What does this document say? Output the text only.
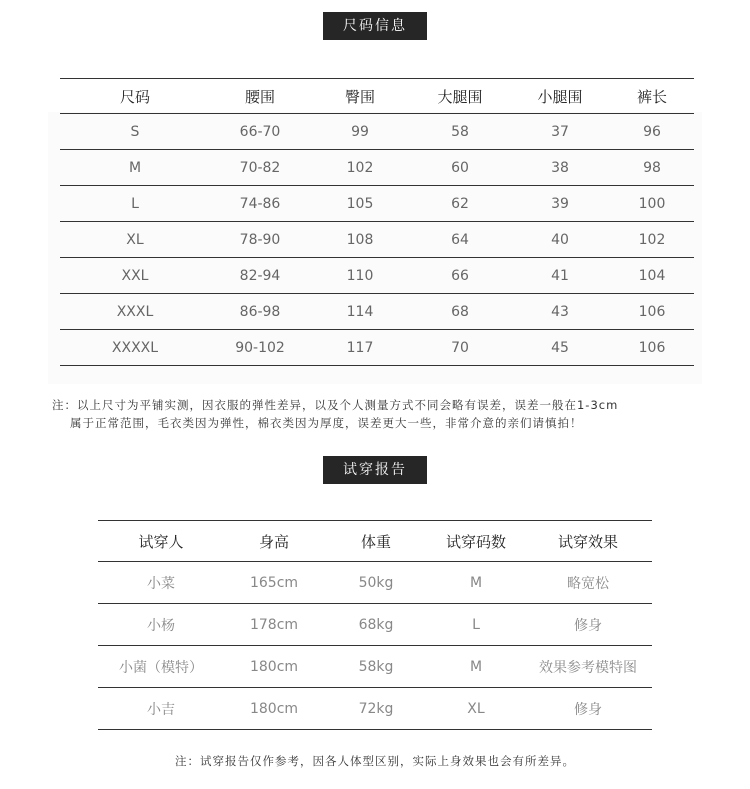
尺码信息
尺码	腰围	臀围	大腿围	小腿围	裤长
S	66-70	99	58	37	96
M	70-82	102	60	38	98
L	74-86	105	62	39	100
XL	78-90	108	64	40	102
XXL	82-94	110	66	41	104
XXXL	86-98	114	68	43	106
XXXXL	90-102	117	70	45	106
注：以上尺寸为平铺实测，因衣服的弹性差异，以及个人测量方式不同会略有误差，误差一般在1-3cm
属于正常范围，毛衣类因为弹性，棉衣类因为厚度，误差更大一些，非常介意的亲们请慎拍！
试穿报告
试穿人	身高	体重	试穿码数	试穿效果
小菜	165cm	50kg	M	略宽松
小杨	178cm	68kg	L	修身
小菌（模特）	180cm	58kg	M	效果参考模特图
小吉	180cm	72kg	XL	修身
注：试穿报告仅作参考，因各人体型区别，实际上身效果也会有所差异。
